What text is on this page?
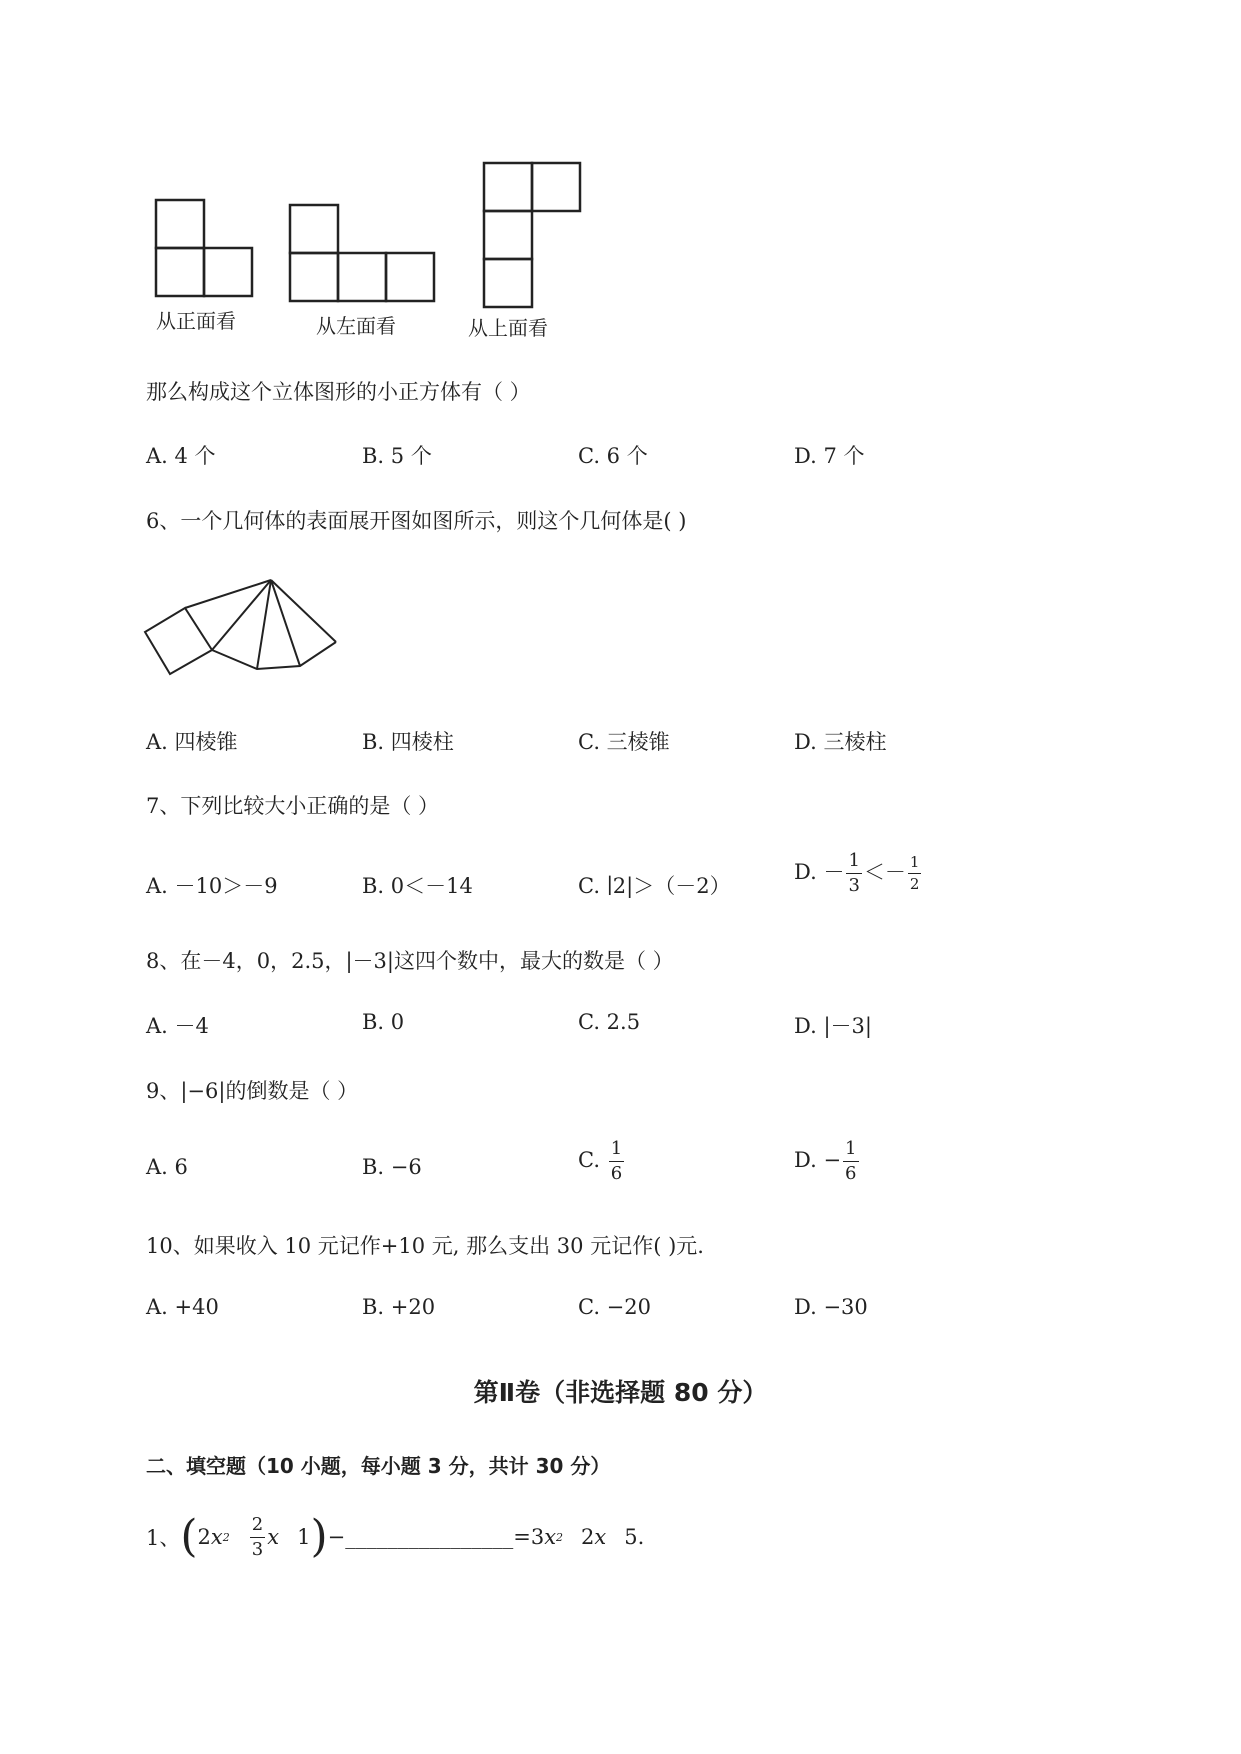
从正面看	从左面看	从上面看
那么构成这个立体图形的小正方体有（ ）
A. 4 个	B. 5 个	C. 6 个	D. 7 个
6、一个几何体的表面展开图如图所示，则这个几何体是( )
A. 四棱锥	B. 四棱柱	C. 三棱锥	D. 三棱柱
7、下列比较大小正确的是（ ）
A. －10＞－9	B. 0＜－14	C. ∣2|＞（－2）
D. － $\frac{1}{3} <- \frac{1}{2}$
8、在－4，0，2.5，|－3|这四个数中，最大的数是（ ）
A. －4	B. 0	C. 2.5	D. |－3|
9、|−6|的倒数是（ ）
A. 6	B. −6	C. $\frac{1}{6}$	D. − $\frac{1}{6}$
10、如果收入 10 元记作+10 元, 那么支出 30 元记作( )元.
A. +40	B. +20	C. −20	D. −30
第Ⅱ卷（非选择题 80 分）
二、填空题（10 小题，每小题 3 分，共计 30 分）
1、 ( 2 x $2 \frac{2}{3}$ x 1 ) −________________ =3 x 2 2 x 5 .
